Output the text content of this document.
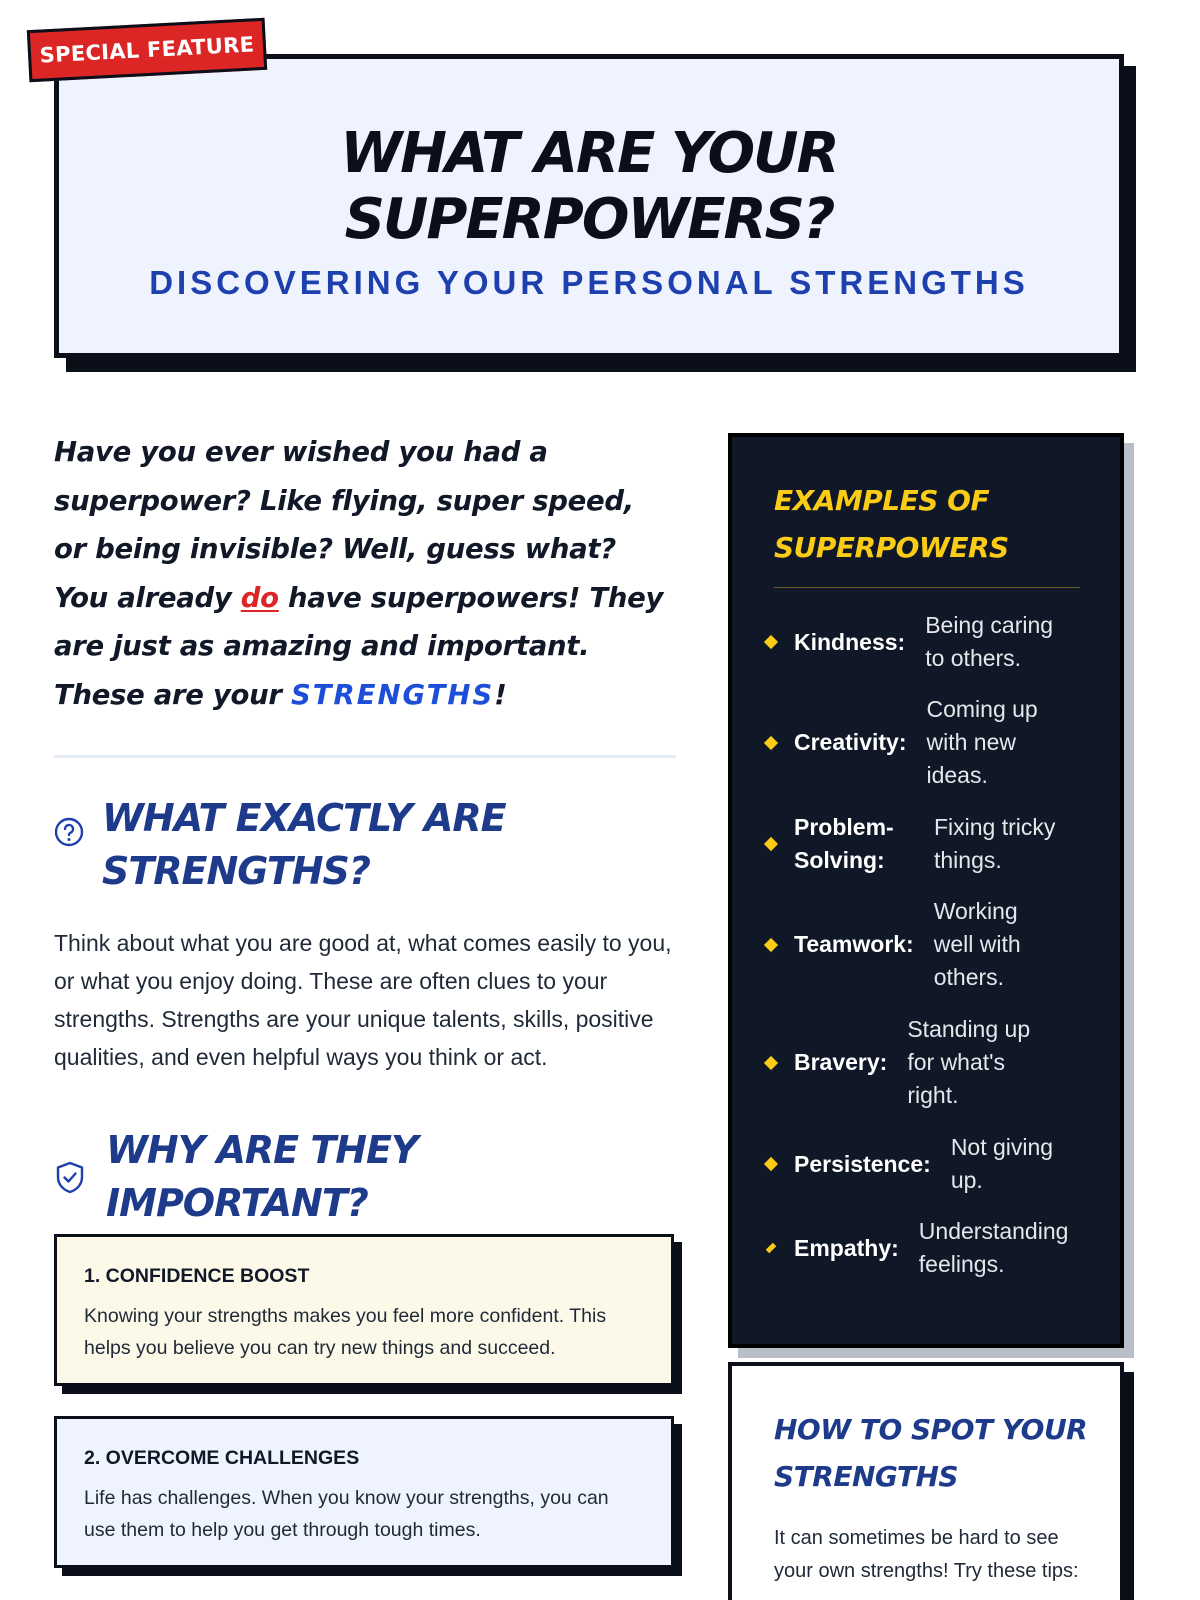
SPECIAL FEATURE
WHAT ARE YOUR
SUPERPOWERS?
DISCOVERING YOUR PERSONAL STRENGTHS

Have you ever wished you had a superpower? Like flying, super speed, or being invisible? Well, guess what? You already do have superpowers! They are just as amazing and important. These are your STRENGTHS!

WHAT EXACTLY ARE STRENGTHS?

Think about what you are good at, what comes easily to you, or what you enjoy doing. These are often clues to your strengths. Strengths are your unique talents, skills, positive qualities, and even helpful ways you think or act.

WHY ARE THEY IMPORTANT?
1. CONFIDENCE BOOST
Knowing your strengths makes you feel more confident. This helps you believe you can try new things and succeed.
2. OVERCOME CHALLENGES
Life has challenges. When you know your strengths, you can use them to help you get through tough times.
EXAMPLES OF SUPERPOWERS
Kindness:
Being caring to others.
Creativity:
Coming up with new ideas.
Problem-Solving:
Fixing tricky things.
Teamwork:
Working well with others.
Bravery:
Standing up for what's right.
Persistence:
Not giving up.
Empathy:
Understanding feelings.
HOW TO SPOT YOUR STRENGTHS

It can sometimes be hard to see your own strengths! Try these tips:
